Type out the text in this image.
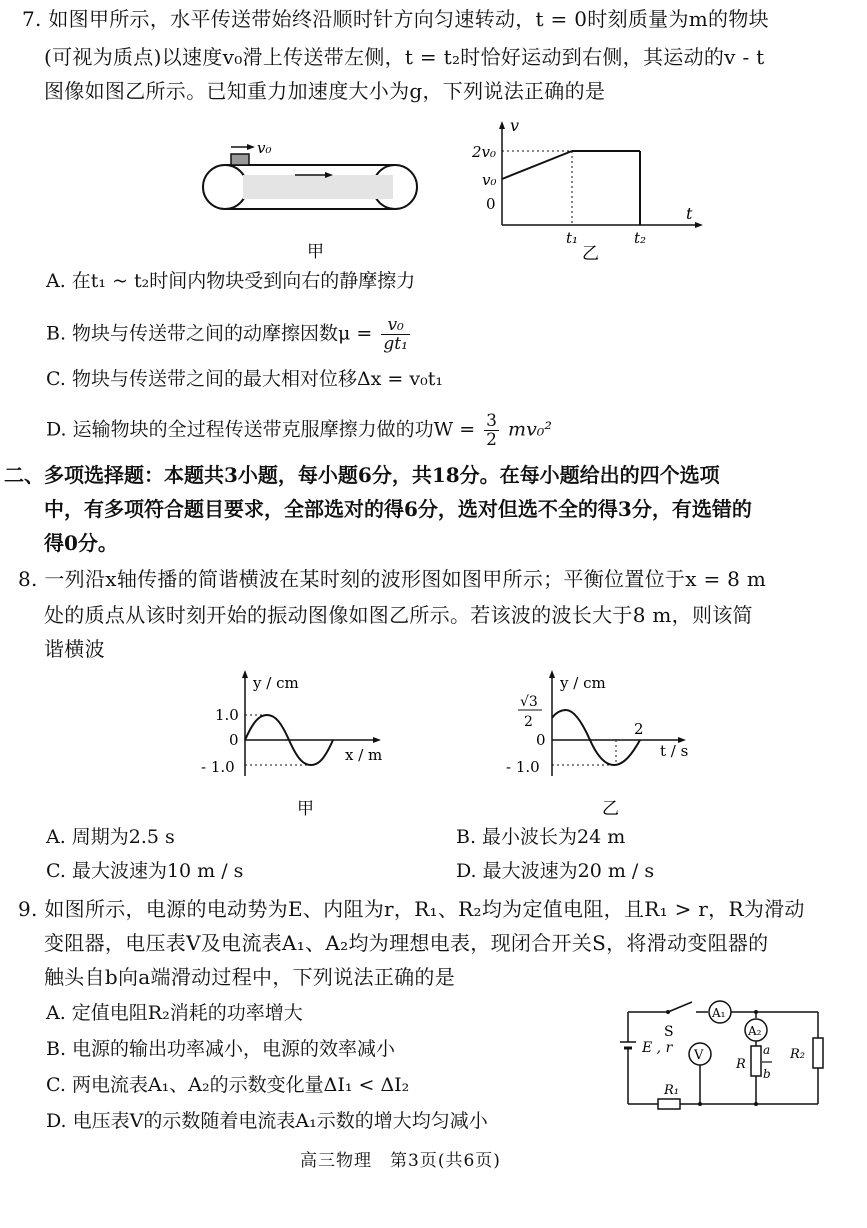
7. 如图甲所示，水平传送带始终沿顺时针方向匀速转动，t = 0时刻质量为m的物块
(可视为质点)以速度v₀滑上传送带左侧，t = t₂时恰好运动到右侧，其运动的v - t
图像如图乙所示。已知重力加速度大小为g，下列说法正确的是
v₀
甲
v
t
2v₀
v₀
0
t₁	t₂
乙
A. 在t₁ ~ t₂时间内物块受到向右的静摩擦力
B. 物块与传送带之间的动摩擦因数$\mu = \frac{\text{v₀}}{\text{gt₁}}$
C. 物块与传送带之间的最大相对位移Δx = v₀t₁
D. 运输物块的全过程传送带克服摩擦力做的功$W = \frac{3}{2} mv_0^2$
二、多项选择题：本题共3小题，每小题6分，共18分。在每小题给出的四个选项
中，有多项符合题目要求，全部选对的得6分，选对但选不全的得3分，有选错的
得0分。
8. 一列沿x轴传播的简谐横波在某时刻的波形图如图甲所示；平衡位置位于x = 8 m
处的质点从该时刻开始的振动图像如图乙所示。若该波的波长大于8 m，则该简
谐横波
y / cm
x / m
1.0
0
- 1.0
甲
y / cm
t / s
√3
2
0
- 1.0
2
乙
A. 周期为2.5 s	B. 最小波长为24 m
C. 最大波速为10 m / s	D. 最大波速为20 m / s
9. 如图所示，电源的电动势为E、内阻为r，R₁、R₂均为定值电阻，且R₁ > r，R为滑动
变阻器，电压表V及电流表A₁、A₂均为理想电表，现闭合开关S，将滑动变阻器的
触头自b向a端滑动过程中，下列说法正确的是
A. 定值电阻R₂消耗的功率增大
B. 电源的输出功率减小，电源的效率减小
C. 两电流表A₁、A₂的示数变化量ΔI₁ < ΔI₂
D. 电压表V的示数随着电流表A₁示数的增大均匀减小
A₁
E , r
S
R₁
V
A₂
R
a
b
R₂
高三物理　第3页(共6页)
